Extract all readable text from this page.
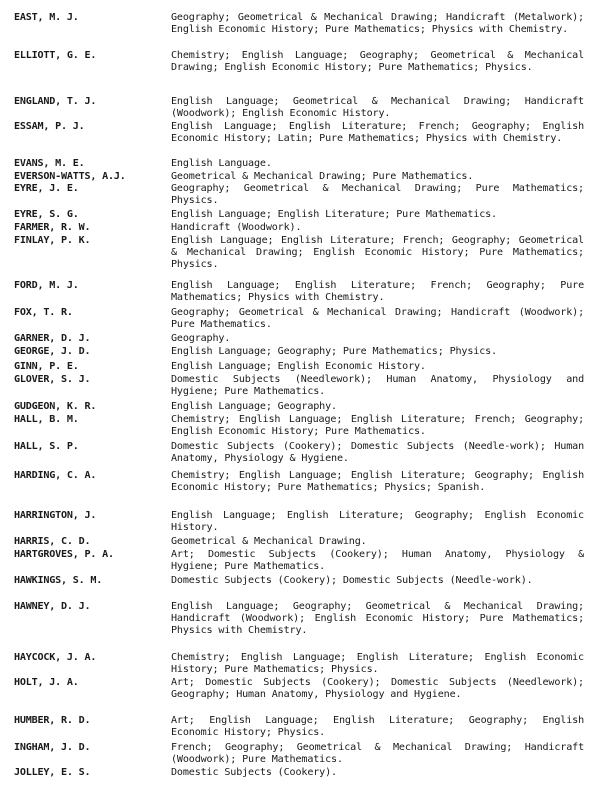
EAST, M. J.	Geography; Geometrical & Mechanical Drawing; Handicraft (Metalwork); English Economic History; Pure Mathematics; Physics with Chemistry.
ELLIOTT, G. E.	Chemistry; English Language; Geography; Geometrical & Mechanical Drawing; English Economic History; Pure Mathematics; Physics.
ENGLAND, T. J.	English Language; Geometrical & Mechanical Drawing; Handicraft (Woodwork); English Economic History.
ESSAM, P. J.	English Language; English Literature; French; Geography; English Economic History; Latin; Pure Mathematics; Physics with Chemistry.
EVANS, M. E.	English Language.
EVERSON-WATTS, A.J.	Geometrical & Mechanical Drawing; Pure Mathematics.
EYRE, J. E.	Geography; Geometrical & Mechanical Drawing; Pure Mathematics; Physics.
EYRE, S. G.	English Language; English Literature; Pure Mathematics.
FARMER, R. W.	Handicraft (Woodwork).
FINLAY, P. K.	English Language; English Literature; French; Geography; Geometrical & Mechanical Drawing; English Economic History; Pure Mathematics; Physics.
FORD, M. J.	English Language; English Literature; French; Geography; Pure Mathematics; Physics with Chemistry.
FOX, T. R.	Geography; Geometrical & Mechanical Drawing; Handicraft (Woodwork); Pure Mathematics.
GARNER, D. J.	Geography.
GEORGE, J. D.	English Language; Geography; Pure Mathematics; Physics.
GINN, P. E.	English Language; English Economic History.
GLOVER, S. J.	Domestic Subjects (Needlework); Human Anatomy, Physiology and Hygiene; Pure Mathematics.
GUDGEON, K. R.	English Language; Geography.
HALL, B. M.	Chemistry; English Language; English Literature; French; Geography; English Economic History; Pure Mathematics.
HALL, S. P.	Domestic Subjects (Cookery); Domestic Subjects (Needle-work); Human Anatomy, Physiology & Hygiene.
HARDING, C. A.	Chemistry; English Language; English Literature; Geography; English Economic History; Pure Mathematics; Physics; Spanish.
HARRINGTON, J.	English Language; English Literature; Geography; English Economic History.
HARRIS, C. D.	Geometrical & Mechanical Drawing.
HARTGROVES, P. A.	Art; Domestic Subjects (Cookery); Human Anatomy, Physiology & Hygiene; Pure Mathematics.
HAWKINGS, S. M.	Domestic Subjects (Cookery); Domestic Subjects (Needle-work).
HAWNEY, D. J.	English Language; Geography; Geometrical & Mechanical Drawing; Handicraft (Woodwork); English Economic History; Pure Mathematics; Physics with Chemistry.
HAYCOCK, J. A.	Chemistry; English Language; English Literature; English Economic History; Pure Mathematics; Physics.
HOLT, J. A.	Art; Domestic Subjects (Cookery); Domestic Subjects (Needlework); Geography; Human Anatomy, Physiology and Hygiene.
HUMBER, R. D.	Art; English Language; English Literature; Geography; English Economic History; Physics.
INGHAM, J. D.	French; Geography; Geometrical & Mechanical Drawing; Handicraft (Woodwork); Pure Mathematics.
JOLLEY, E. S.	Domestic Subjects (Cookery).
